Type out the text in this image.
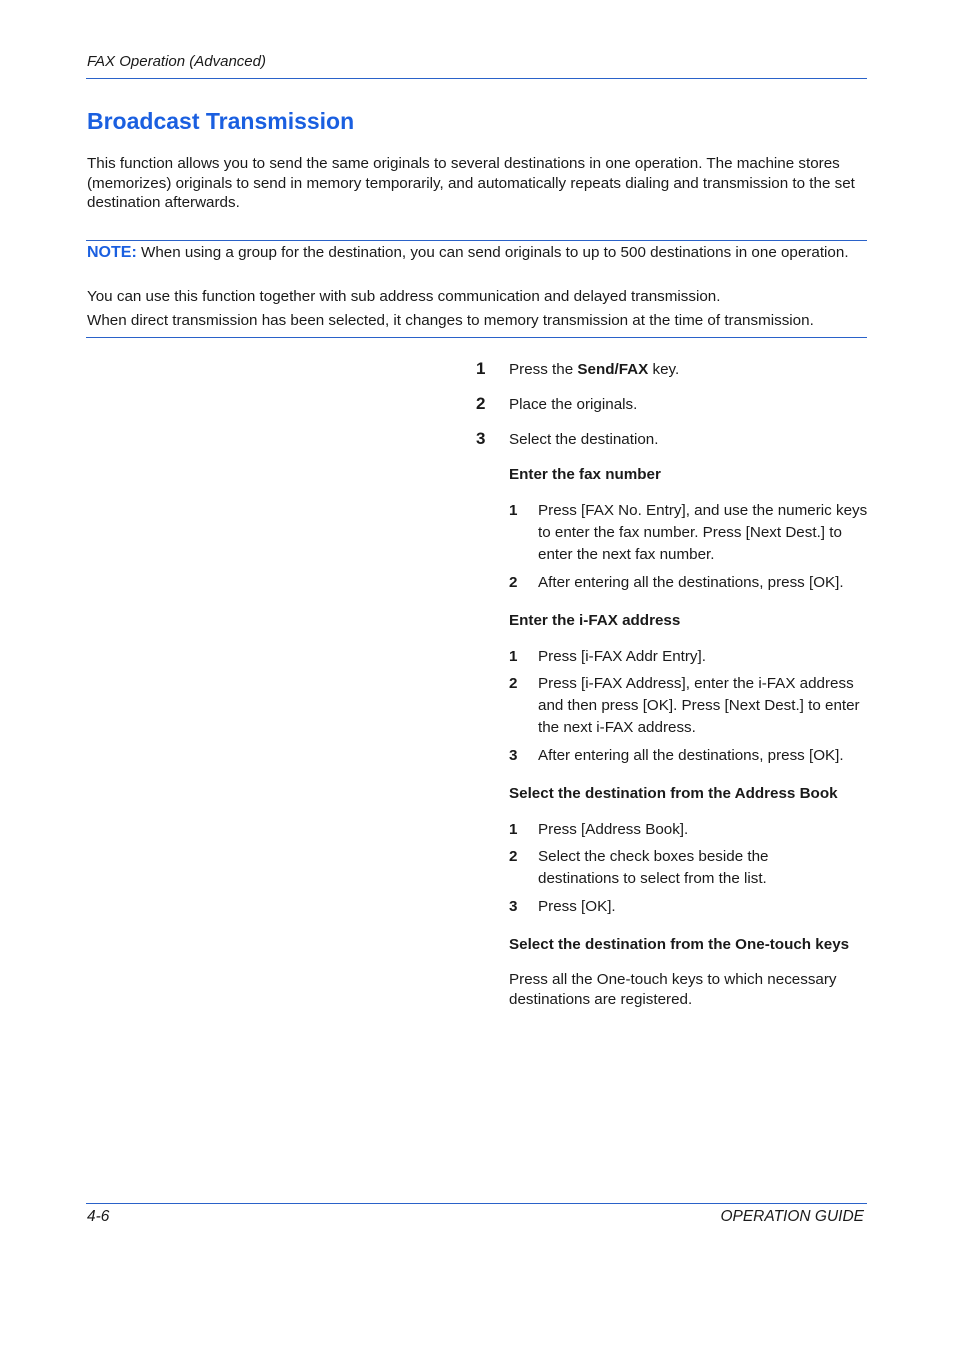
FAX Operation (Advanced)
Broadcast Transmission
This function allows you to send the same originals to several destinations in one operation. The machine stores (memorizes) originals to send in memory temporarily, and automatically repeats dialing and transmission to the set destination afterwards.
NOTE: When using a group for the destination, you can send originals to up to 500 destinations in one operation.
You can use this function together with sub address communication and delayed transmission.
When direct transmission has been selected, it changes to memory transmission at the time of transmission.
1 Press the Send/FAX key.
2 Place the originals.
3 Select the destination.
Enter the fax number
1 Press [FAX No. Entry], and use the numeric keys to enter the fax number. Press [Next Dest.] to enter the next fax number.
2 After entering all the destinations, press [OK].
Enter the i-FAX address
1 Press [i-FAX Addr Entry].
2 Press [i-FAX Address], enter the i-FAX address and then press [OK]. Press [Next Dest.] to enter the next i-FAX address.
3 After entering all the destinations, press [OK].
Select the destination from the Address Book
1 Press [Address Book].
2 Select the check boxes beside the destinations to select from the list.
3 Press [OK].
Select the destination from the One-touch keys
Press all the One-touch keys to which necessary destinations are registered.
4-6	OPERATION GUIDE
